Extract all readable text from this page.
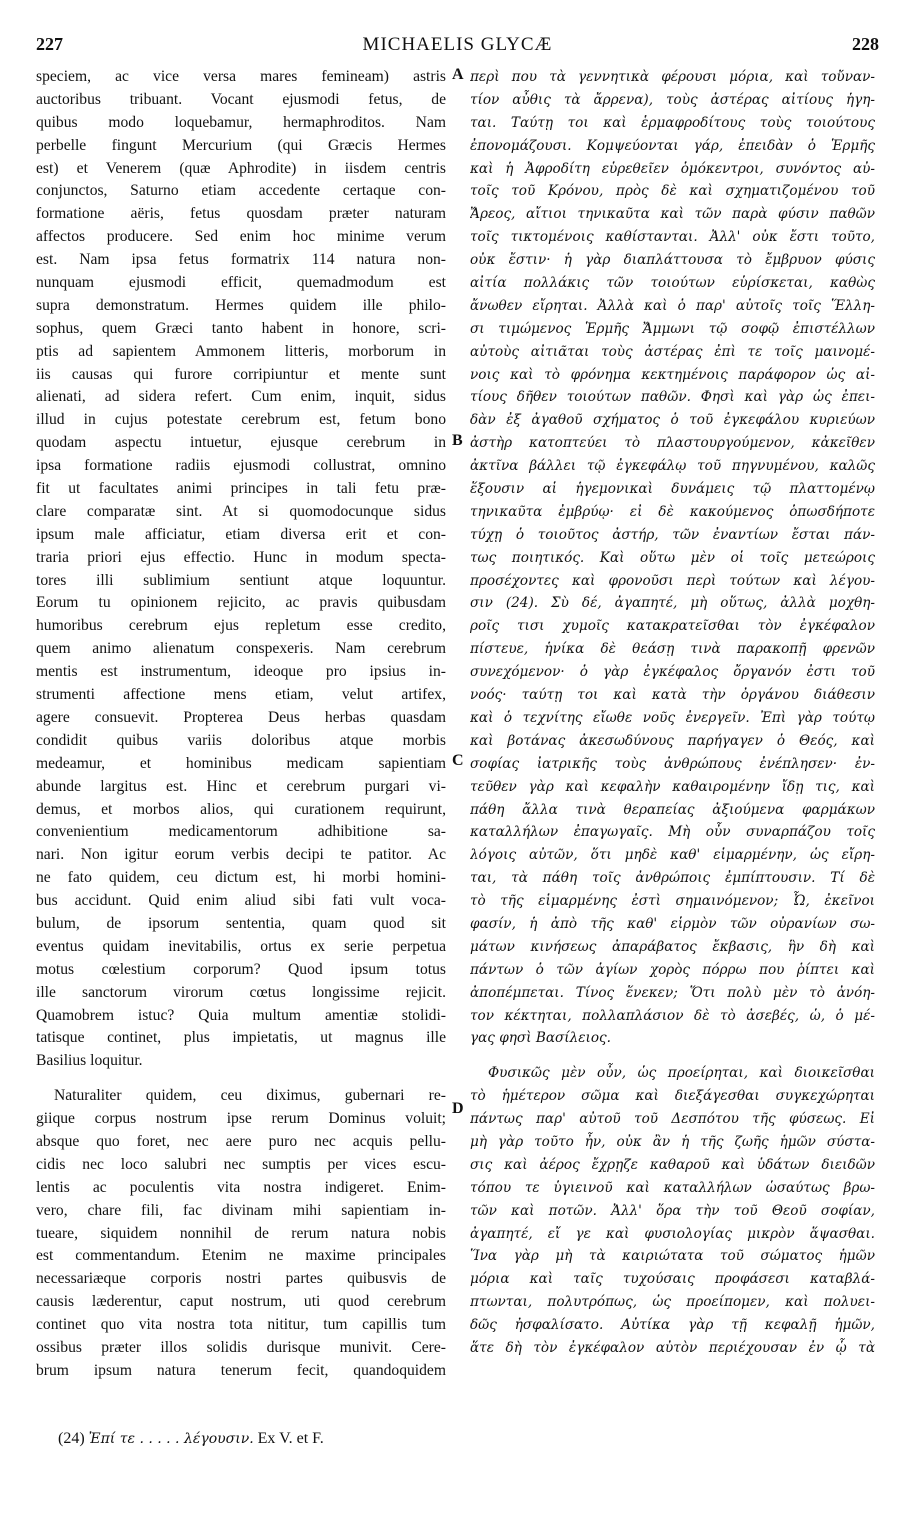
227	MICHAELIS GLYCÆ	228
speciem, ac vice versa mares femineam) astris
auctoribus tribuant. Vocant ejusmodi fetus, de
quibus modo loquebamur, hermaphroditos. Nam
perbelle fingunt Mercurium (qui Græcis Hermes
est) et Venerem (quæ Aphrodite) in iisdem centris
conjunctos, Saturno etiam accedente certaque con-
formatione aëris, fetus quosdam præter naturam
affectos producere. Sed enim hoc minime verum
est. Nam ipsa fetus formatrix 114 natura non-
nunquam ejusmodi efficit, quemadmodum est
supra demonstratum. Hermes quidem ille philo-
sophus, quem Græci tanto habent in honore, scri-
ptis ad sapientem Ammonem litteris, morborum in
iis causas qui furore corripiuntur et mente sunt
alienati, ad sidera refert. Cum enim, inquit, sidus
illud in cujus potestate cerebrum est, fetum bono
quodam aspectu intuetur, ejusque cerebrum in
ipsa formatione radiis ejusmodi collustrat, omnino
fit ut facultates animi principes in tali fetu præ-
clare comparatæ sint. At si quomodocunque sidus
ipsum male afficiatur, etiam diversa erit et con-
traria priori ejus effectio. Hunc in modum specta-
tores illi sublimium sentiunt atque loquuntur.
Eorum tu opinionem rejicito, ac pravis quibusdam
humoribus cerebrum ejus repletum esse credito,
quem animo alienatum conspexeris. Nam cerebrum
mentis est instrumentum, ideoque pro ipsius in-
strumenti affectione mens etiam, velut artifex,
agere consuevit. Propterea Deus herbas quasdam
condidit quibus variis doloribus atque morbis
medeamur, et hominibus medicam sapientiam
abunde largitus est. Hinc et cerebrum purgari vi-
demus, et morbos alios, qui curationem requirunt,
convenientium medicamentorum adhibitione sa-
nari. Non igitur eorum verbis decipi te patitor. Ac
ne fato quidem, ceu dictum est, hi morbi homini-
bus accidunt. Quid enim aliud sibi fati vult voca-
bulum, de ipsorum sententia, quam quod sit
eventus quidam inevitabilis, ortus ex serie perpetua
motus cœlestium corporum? Quod ipsum totus
ille sanctorum virorum cœtus longissime rejicit.
Quamobrem istuc? Quia multum amentiæ stolidi-
tatisque continet, plus impietatis, ut magnus ille
Basilius loquitur.
Naturaliter quidem, ceu diximus, gubernari re-
giique corpus nostrum ipse rerum Dominus voluit;
absque quo foret, nec aere puro nec acquis pellu-
cidis nec loco salubri nec sumptis per vices escu-
lentis ac poculentis vita nostra indigeret. Enim-
vero, chare fili, fac divinam mihi sapientiam in-
tueare, siquidem nonnihil de rerum natura nobis
est commentandum. Etenim ne maxime principales
necessariæque corporis nostri partes quibusvis de
causis læderentur, caput nostrum, uti quod cerebrum
continet quo vita nostra tota nititur, tum capillis tum
ossibus præter illos solidis durisque munivit. Cere-
brum ipsum natura tenerum fecit, quandoquidem
περὶ που τὰ γεννητικὰ φέρουσι μόρια, καὶ τοὔναν-
τίον αὖθις τὰ ἄρρενα), τοὺς ἀστέρας αἰτίους ἡγη-
ται. Ταύτῃ τοι καὶ ἑρμαφροδίτους τοὺς τοιούτους
ἐπονομάζουσι. Κομψεύονται γάρ, ἐπειδὰν ὁ Ἑρμῆς
καὶ ἡ Ἀφροδίτη εὑρεθεῖεν ὁμόκεντροι, συνόντος αὐ-
τοῖς τοῦ Κρόνου, πρὸς δὲ καὶ σχηματιζομένου τοῦ
Ἄρεος, αἴτιοι τηνικαῦτα καὶ τῶν παρὰ φύσιν παθῶν
τοῖς τικτομένοις καθίστανται. Ἀλλ' οὐκ ἔστι τοῦτο,
οὐκ ἔστιν· ἡ γὰρ διαπλάττουσα τὸ ἔμβρυον φύσις
αἰτία πολλάκις τῶν τοιούτων εὑρίσκεται, καθὼς
ἄνωθεν εἴρηται. Ἀλλὰ καὶ ὁ παρ' αὐτοῖς τοῖς Ἕλλη-
σι τιμώμενος Ἑρμῆς Ἄμμωνι τῷ σοφῷ ἐπιστέλλων
αὐτοὺς αἰτιᾶται τοὺς ἀστέρας ἐπὶ τε τοῖς μαινομέ-
νοις καὶ τὸ φρόνημα κεκτημένοις παράφορον ὡς αἰ-
τίους δῆθεν τοιούτων παθῶν. Φησὶ καὶ γὰρ ὡς ἐπει-
δὰν ἐξ ἀγαθοῦ σχήματος ὁ τοῦ ἐγκεφάλου κυριεύων
ἀστὴρ κατοπτεύει τὸ πλαστουργούμενον, κἀκεῖθεν
ἀκτῖνα βάλλει τῷ ἐγκεφάλῳ τοῦ πηγνυμένου, καλῶς
ἕξουσιν αἱ ἡγεμονικαὶ δυνάμεις τῷ πλαττομένῳ
τηνικαῦτα ἐμβρύῳ· εἰ δὲ κακούμενος ὁπωσδήποτε
τύχῃ ὁ τοιοῦτος ἀστήρ, τῶν ἐναντίων ἔσται πάν-
τως ποιητικός. Καὶ οὕτω μὲν οἱ τοῖς μετεώροις
προσέχοντες καὶ φρονοῦσι περὶ τούτων καὶ λέγου-
σιν (24). Σὺ δέ, ἀγαπητέ, μὴ οὕτως, ἀλλὰ μοχθη-
ροῖς τισι χυμοῖς κατακρατεῖσθαι τὸν ἐγκέφαλον
πίστευε, ἡνίκα δὲ θεάσῃ τινὰ παρακοπῇ φρενῶν
συνεχόμενον· ὁ γὰρ ἐγκέφαλος ὄργανόν ἐστι τοῦ
νοός· ταύτῃ τοι καὶ κατὰ τὴν ὀργάνου διάθεσιν
καὶ ὁ τεχνίτης εἴωθε νοῦς ἐνεργεῖν. Ἐπὶ γὰρ τούτῳ
καὶ βοτάνας ἀκεσωδύνους παρήγαγεν ὁ Θεός, καὶ
σοφίας ἰατρικῆς τοὺς ἀνθρώπους ἐνέπλησεν· ἐν-
τεῦθεν γὰρ καὶ κεφαλὴν καθαιρομένην ἴδῃ τις, καὶ
πάθη ἄλλα τινὰ θεραπείας ἀξιούμενα φαρμάκων
καταλλήλων ἐπαγωγαῖς. Μὴ οὖν συναρπάζου τοῖς
λόγοις αὐτῶν, ὅτι μηδὲ καθ' εἱμαρμένην, ὡς εἴρη-
ται, τὰ πάθη τοῖς ἀνθρώποις ἐμπίπτουσιν. Τί δὲ
τὸ τῆς εἱμαρμένης ἐστὶ σημαινόμενον; Ὦ, ἐκεῖνοι
φασίν, ἡ ἀπὸ τῆς καθ' εἱρμὸν τῶν οὐρανίων σω-
μάτων κινήσεως ἀπαράβατος ἔκβασις, ἣν δὴ καὶ
πάντων ὁ τῶν ἁγίων χορὸς πόρρω που ῥίπτει καὶ
ἀποπέμπεται. Τίνος ἕνεκεν; Ὅτι πολὺ μὲν τὸ ἀνόη-
τον κέκτηται, πολλαπλάσιον δὲ τὸ ἀσεβές, ὡ, ὁ μέ-
γας φησὶ Βασίλειος.
Φυσικῶς μὲν οὖν, ὡς προείρηται, καὶ διοικεῖσθαι
τὸ ἡμέτερον σῶμα καὶ διεξάγεσθαι συγκεχώρηται
πάντως παρ' αὐτοῦ τοῦ Δεσπότου τῆς φύσεως. Εἰ
μὴ γὰρ τοῦτο ἦν, οὐκ ἂν ἡ τῆς ζωῆς ἡμῶν σύστα-
σις καὶ ἀέρος ἔχρῃζε καθαροῦ καὶ ὑδάτων διειδῶν
τόπου τε ὑγιεινοῦ καὶ καταλλήλων ὡσαύτως βρω-
τῶν καὶ ποτῶν. Ἀλλ' ὅρα τὴν τοῦ Θεοῦ σοφίαν,
ἀγαπητέ, εἴ γε καὶ φυσιολογίας μικρὸν ἅψασθαι.
Ἵνα γὰρ μὴ τὰ καιριώτατα τοῦ σώματος ἡμῶν
μόρια καὶ ταῖς τυχούσαις προφάσεσι καταβλά-
πτωνται, πολυτρόπως, ὡς προείπομεν, καὶ πολυει-
δῶς ἠσφαλίσατο. Αὐτίκα γὰρ τῇ κεφαλῇ ἡμῶν,
ἅτε δὴ τὸν ἐγκέφαλον αὐτὸν περιέχουσαν ἐν ᾧ τὰ
A
B
C
D
(24) Ἐπί τε . . . . . λέγουσιν. Ex V. et F.
